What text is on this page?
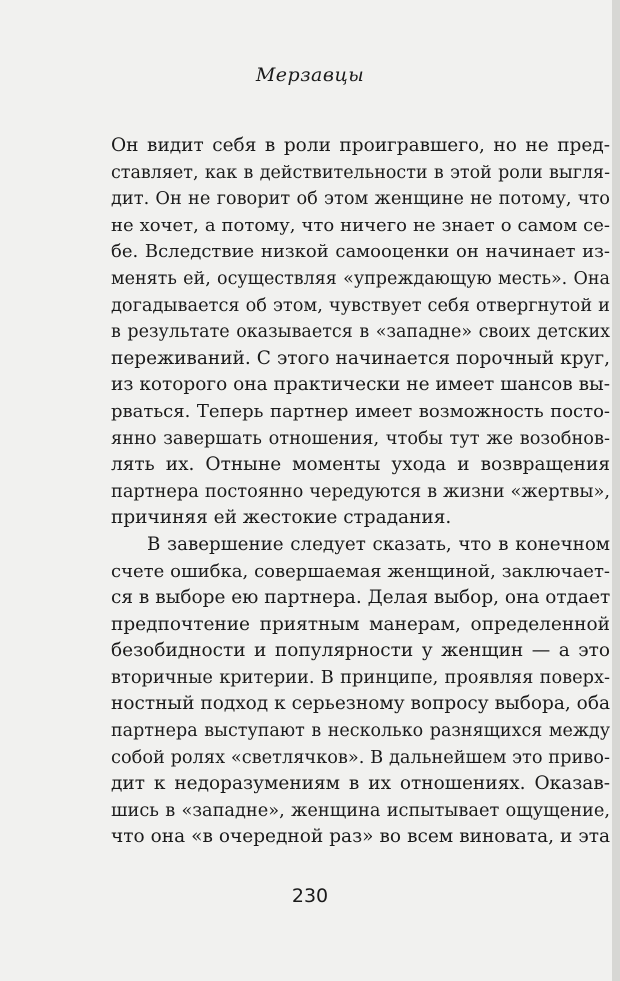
Мерзавцы
Он видит себя в роли проигравшего, но не пред-
ставляет, как в действительности в этой роли выгля-
дит. Он не говорит об этом женщине не потому, что
не хочет, а потому, что ничего не знает о самом се-
бе. Вследствие низкой самооценки он начинает из-
менять ей, осуществляя «упреждающую месть». Она
догадывается об этом, чувствует себя отвергнутой и
в результате оказывается в «западне» своих детских
переживаний. С этого начинается порочный круг,
из которого она практически не имеет шансов вы-
рваться. Теперь партнер имеет возможность посто-
янно завершать отношения, чтобы тут же возобнов-
лять их. Отныне моменты ухода и возвращения
партнера постоянно чередуются в жизни «жертвы»,
причиняя ей жестокие страдания.
В завершение следует сказать, что в конечном
счете ошибка, совершаемая женщиной, заключает-
ся в выборе ею партнера. Делая выбор, она отдает
предпочтение приятным манерам, определенной
безобидности и популярности у женщин — а это
вторичные критерии. В принципе, проявляя поверх-
ностный подход к серьезному вопросу выбора, оба
партнера выступают в несколько разнящихся между
собой ролях «светлячков». В дальнейшем это приво-
дит к недоразумениям в их отношениях. Оказав-
шись в «западне», женщина испытывает ощущение,
что она «в очередной раз» во всем виновата, и эта
230
